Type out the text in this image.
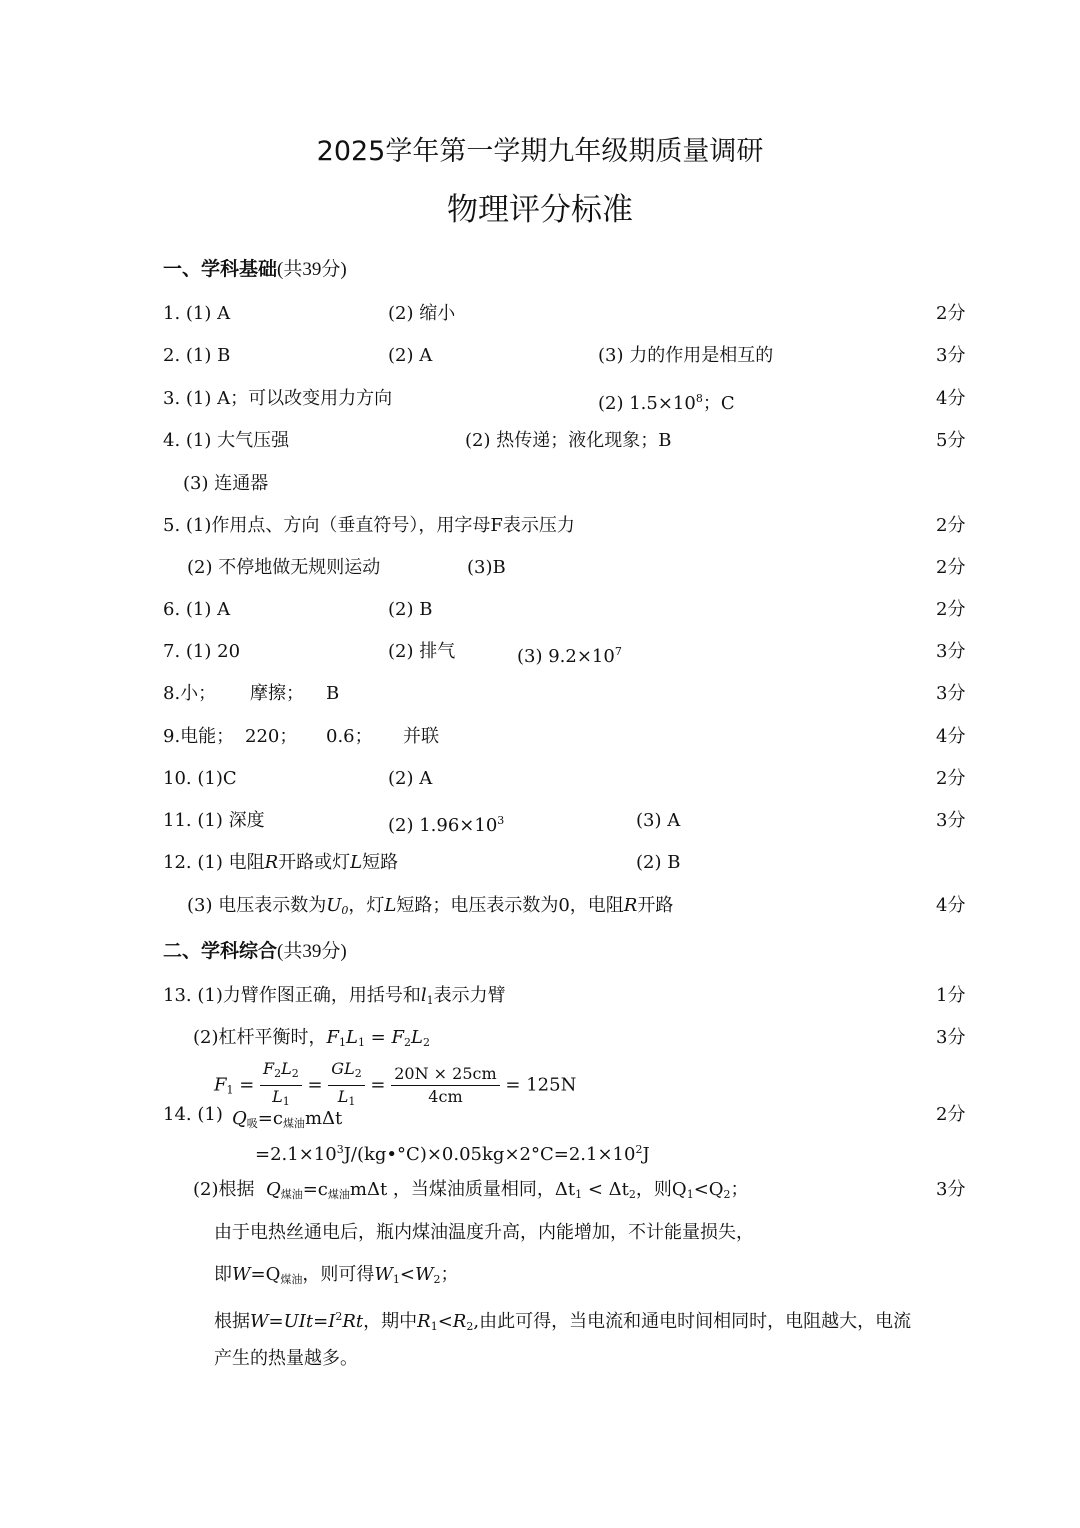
2025学年第一学期九年级期质量调研
物理评分标准
一、学科基础(共39分)
1. (1) A	(2) 缩小	2分
2. (1) B	(2) A	(3) 力的作用是相互的	3分
3. (1) A；可以改变用力方向	(2) $1.5\times 10^8$；C	4分
4. (1) 大气压强	(2) 热传递；液化现象；B	5分
(3) 连通器
5. (1)作用点、方向（垂直符号），用字母F表示压力	2分
(2) 不停地做无规则运动	(3)B	2分
6. (1) A	(2) B	2分
7. (1) 20	(2) 排气	(3) $9.2\times 10^7$	3分
8.小； 摩擦； B	3分
9.电能； 220； 0.6； 并联	4分
10. (1)C	(2) A	2分
11. (1) 深度	(2) $1.96\times 10^3$	(3) A	3分
12. (1) 电阻R开路或灯L短路	(2) B
(3) 电压表示数为$U_0$，灯L短路；电压表示数为0，电阻R开路	4分
二、学科综合(共39分)
13. (1)力臂作图正确，用括号和$l_1$表示力臂	1分
(2)杠杆平衡时，$F_1L_1 = F_2L_2$	3分
$F_1 = \frac{F_2L_2}{L_1} = \frac{GL_2}{L_1} = \frac{20N \times 25cm}{4cm} = 125N$
14. (1) $Q_吸=c_{煤油}m\Delta t$	2分
$=2.1\times 10^3J/(kg•^\circ C)\times 0.05kg\times 2^\circ C=2.1\times 10^2J$
(2)根据 $Q_{煤油}=c_{煤油}m\Delta t$ ，当煤油质量相同，$\Delta t_1 < \Delta t_2$，则$Q_1<Q_2$；	3分
由于电热丝通电后，瓶内煤油温度升高，内能增加，不计能量损失，
即$W=Q_{煤油}$，则可得$W_1<W_2$；
根据$W=UIt=I^2Rt$，期中$R_1<R_2$,由此可得，当电流和通电时间相同时，电阻越大，电流
产生的热量越多。
